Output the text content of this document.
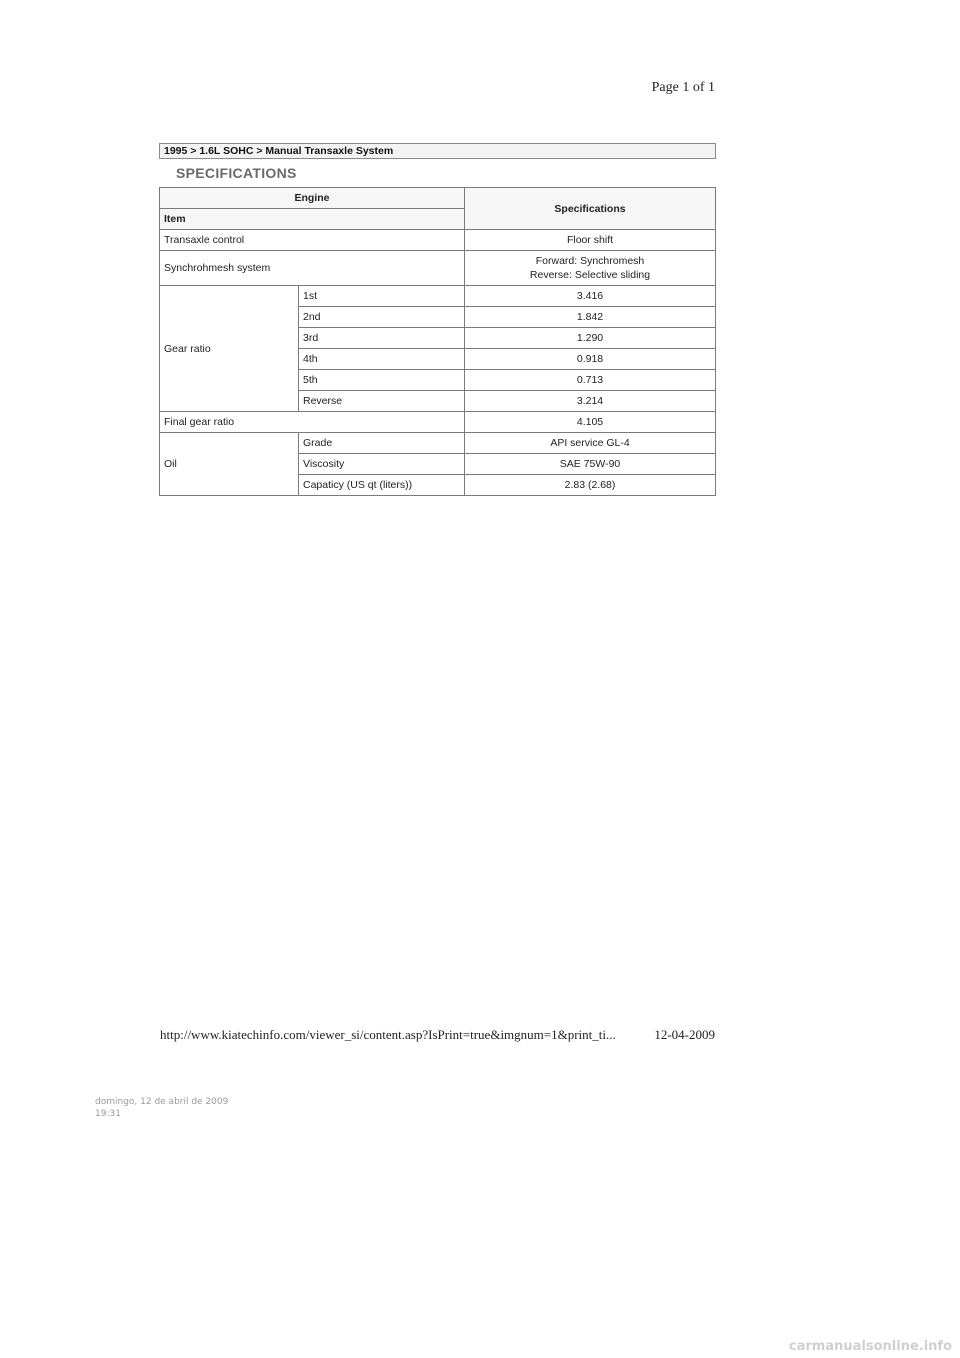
Page 1 of 1
1995 > 1.6L SOHC > Manual Transaxle System
SPECIFICATIONS
Engine		Specifications
Item		
Transaxle control		Floor shift
Synchrohmesh system		Forward: Synchromesh
Reverse: Selective sliding

Gear ratio	1st	3.416
	2nd	1.842
	3rd	1.290
	4th	0.918
	5th	0.713
	Reverse	3.214
Final gear ratio		4.105
Oil	Grade	API service GL-4
	Viscosity	SAE 75W-90
	Capaticy (US qt (liters))	2.83 (2.68)
http://www.kiatechinfo.com/viewer_si/content.asp?IsPrint=true&imgnum=1&print_ti...	12-04-2009
domingo, 12 de abril de 2009
19:31
carmanualsonline.info
